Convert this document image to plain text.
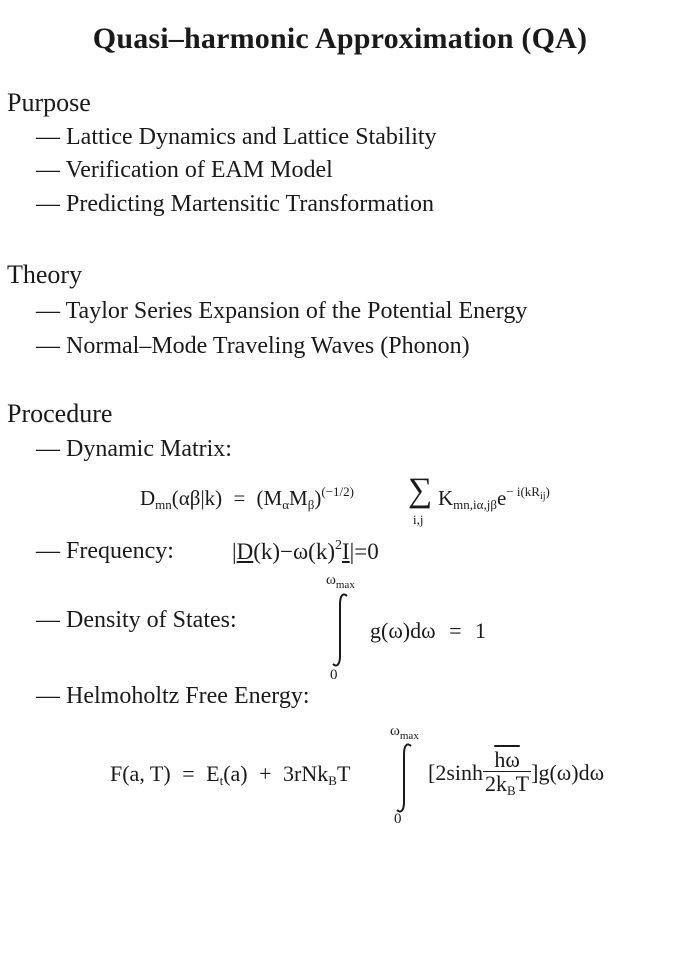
Quasi–harmonic Approximation (QA)
Purpose
— Lattice Dynamics and Lattice Stability
— Verification of EAM Model
— Predicting Martensitic Transformation
Theory
— Taylor Series Expansion of the Potential Energy
— Normal–Mode Traveling Waves (Phonon)
Procedure
— Dynamic Matrix:
$D_{mn}(\alpha\beta|k) = (M_\alpha M_\beta)^{(-1/2)}$ ∑
i,j
$K_{mn,i\alpha,j\beta}e^{- i(kR_{ij})}$
— Frequency:	$|D(k)-\omega(k)^2I|=0$
— Density of States:
$\omega_{max}$
0
g(ω)dω = 1
— Helmoholtz Free Energy:
F(a, $T) = E_t(a) + 3rNk_BT$
$\omega_{max}$
0
$[2\sinh \frac{\overline{h\omega}}{2k_BT} ]g(\omega)d\omega$
